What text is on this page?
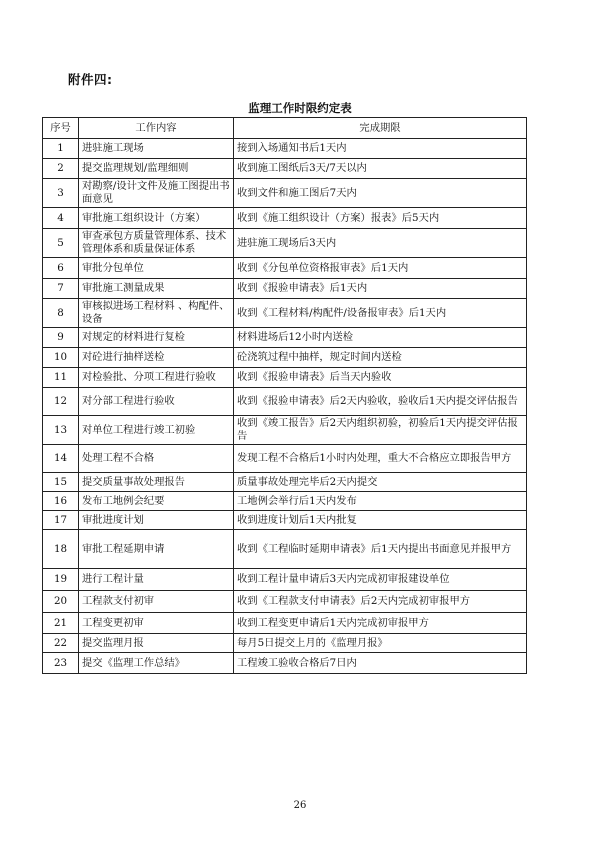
附件四:
监理工作时限约定表
序号	工作内容	完成期限
1	进驻施工现场	接到入场通知书后1天内
2	提交监理规划/监理细则	收到施工图纸后3天/7天以内
3	对勘察/设计文件及施工图提出书面意见	收到文件和施工图后7天内
4	审批施工组织设计（方案）	收到《施工组织设计（方案）报表》后5天内
5	审查承包方质量管理体系、技术管理体系和质量保证体系	进驻施工现场后3天内
6	审批分包单位	收到《分包单位资格报审表》后1天内
7	审批施工测量成果	收到《报验申请表》后1天内
8	审核拟进场工程材料 、构配件、设备	收到《工程材料/构配件/设备报审表》后1天内
9	对规定的材料进行复检	材料进场后12小时内送检
10	对砼进行抽样送检	砼浇筑过程中抽样，规定时间内送检
11	对检验批、分项工程进行验收	收到《报验申请表》后当天内验收
12	对分部工程进行验收	收到《报验申请表》后2天内验收，验收后1天内提交评估报告
13	对单位工程进行竣工初验	收到《竣工报告》后2天内组织初验，初验后1天内提交评估报告
14	处理工程不合格	发现工程不合格后1小时内处理，重大不合格应立即报告甲方
15	提交质量事故处理报告	质量事故处理完毕后2天内提交
16	发布工地例会纪要	工地例会举行后1天内发布
17	审批进度计划	收到进度计划后1天内批复
18	审批工程延期申请	收到《工程临时延期申请表》后1天内提出书面意见并报甲方
19	进行工程计量	收到工程计量申请后3天内完成初审报建设单位
20	工程款支付初审	收到《工程款支付申请表》后2天内完成初审报甲方
21	工程变更初审	收到工程变更申请后1天内完成初审报甲方
22	提交监理月报	每月5日提交上月的《监理月报》
23	提交《监理工作总结》	工程竣工验收合格后7日内
26
